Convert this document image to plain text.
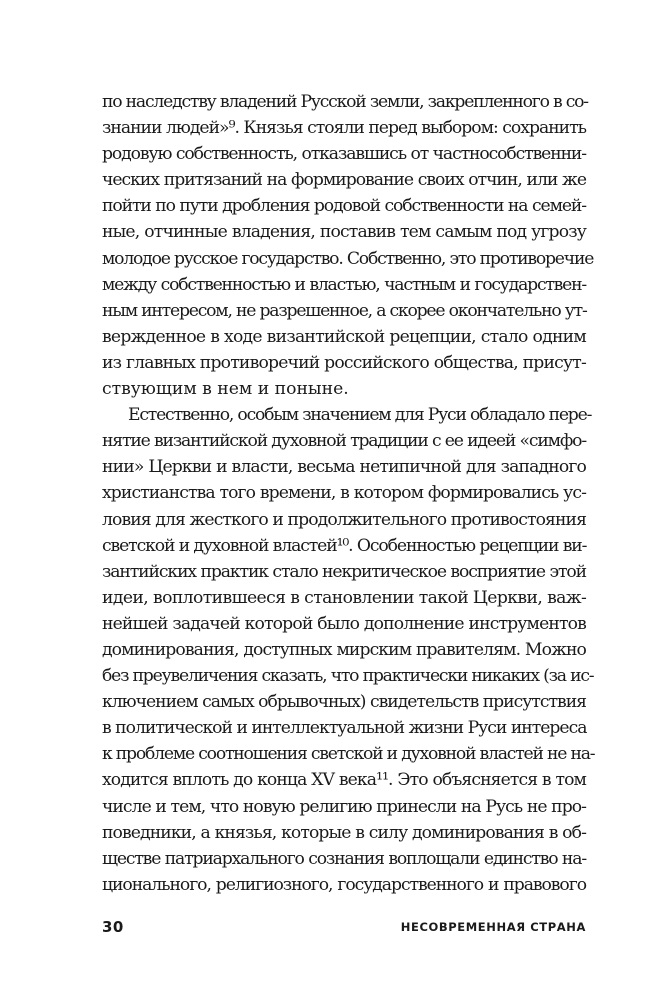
по наследству владений Русской земли, закрепленного в со-
знании людей»⁹. Князья стояли перед выбором: сохранить
родовую собственность, отказавшись от частнособственни-
ческих притязаний на формирование своих отчин, или же
пойти по пути дробления родовой собственности на семей-
ные, отчинные владения, поставив тем самым под угрозу
молодое русское государство. Собственно, это противоречие
между собственностью и властью, частным и государствен-
ным интересом, не разрешенное, а скорее окончательно ут-
вержденное в ходе византийской рецепции, стало одним
из главных противоречий российского общества, присут-
ствующим в нем и поныне.
Естественно, особым значением для Руси обладало пере-
нятие византийской духовной традиции с ее идеей «симфо-
нии» Церкви и власти, весьма нетипичной для западного
христианства того времени, в котором формировались ус-
ловия для жесткого и продолжительного противостояния
светской и духовной властей¹⁰. Особенностью рецепции ви-
зантийских практик стало некритическое восприятие этой
идеи, воплотившееся в становлении такой Церкви, важ-
нейшей задачей которой было дополнение инструментов
доминирования, доступных мирским правителям. Можно
без преувеличения сказать, что практически никаких (за ис-
ключением самых обрывочных) свидетельств присутствия
в политической и интеллектуальной жизни Руси интереса
к проблеме соотношения светской и духовной властей не на-
ходится вплоть до конца XV века¹¹. Это объясняется в том
числе и тем, что новую религию принесли на Русь не про-
поведники, а князья, которые в силу доминирования в об-
ществе патриархального сознания воплощали единство на-
ционального, религиозного, государственного и правового
30	НЕСОВРЕМЕННАЯ СТРАНА
